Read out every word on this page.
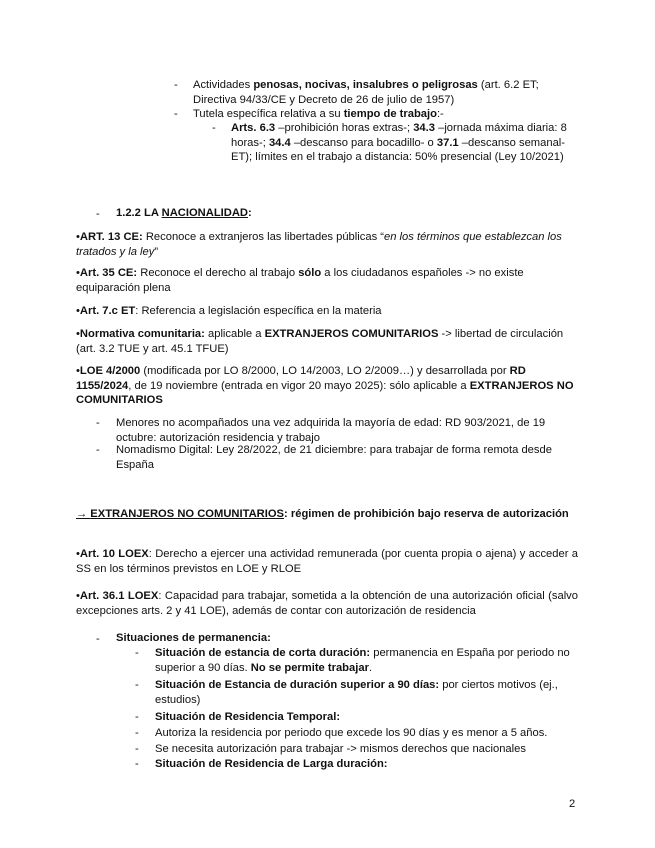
- Actividades penosas, nocivas, insalubres o peligrosas (art. 6.2 ET; Directiva 94/33/CE y Decreto de 26 de julio de 1957)
- Tutela específica relativa a su tiempo de trabajo:-
- Arts. 6.3 –prohibición horas extras-; 34.3 –jornada máxima diaria: 8 horas-; 34.4 –descanso para bocadillo- o 37.1 –descanso semanal- ET); límites en el trabajo a distancia: 50% presencial (Ley 10/2021)
- 1.2.2 LA NACIONALIDAD:
•ART. 13 CE: Reconoce a extranjeros las libertades públicas “en los términos que establezcan los tratados y la ley”
•Art. 35 CE: Reconoce el derecho al trabajo sólo a los ciudadanos españoles -> no existe equiparación plena
•Art. 7.c ET: Referencia a legislación específica en la materia
•Normativa comunitaria: aplicable a EXTRANJEROS COMUNITARIOS -> libertad de circulación (art. 3.2 TUE y art. 45.1 TFUE)
•LOE 4/2000 (modificada por LO 8/2000, LO 14/2003, LO 2/2009…) y desarrollada por RD 1155/2024, de 19 noviembre (entrada en vigor 20 mayo 2025): sólo aplicable a EXTRANJEROS NO COMUNITARIOS
- Menores no acompañados una vez adquirida la mayoría de edad: RD 903/2021, de 19 octubre: autorización residencia y trabajo
- Nomadismo Digital: Ley 28/2022, de 21 diciembre: para trabajar de forma remota desde España
→ EXTRANJEROS NO COMUNITARIOS: régimen de prohibición bajo reserva de autorización
•Art. 10 LOEX: Derecho a ejercer una actividad remunerada (por cuenta propia o ajena) y acceder a SS en los términos previstos en LOE y RLOE
•Art. 36.1 LOEX: Capacidad para trabajar, sometida a la obtención de una autorización oficial (salvo excepciones arts. 2 y 41 LOE), además de contar con autorización de residencia
- Situaciones de permanencia:
- Situación de estancia de corta duración: permanencia en España por periodo no superior a 90 días. No se permite trabajar.
- Situación de Estancia de duración superior a 90 días: por ciertos motivos (ej., estudios)
- Situación de Residencia Temporal:
- Autoriza la residencia por periodo que excede los 90 días y es menor a 5 años.
- Se necesita autorización para trabajar -> mismos derechos que nacionales
- Situación de Residencia de Larga duración:
2
